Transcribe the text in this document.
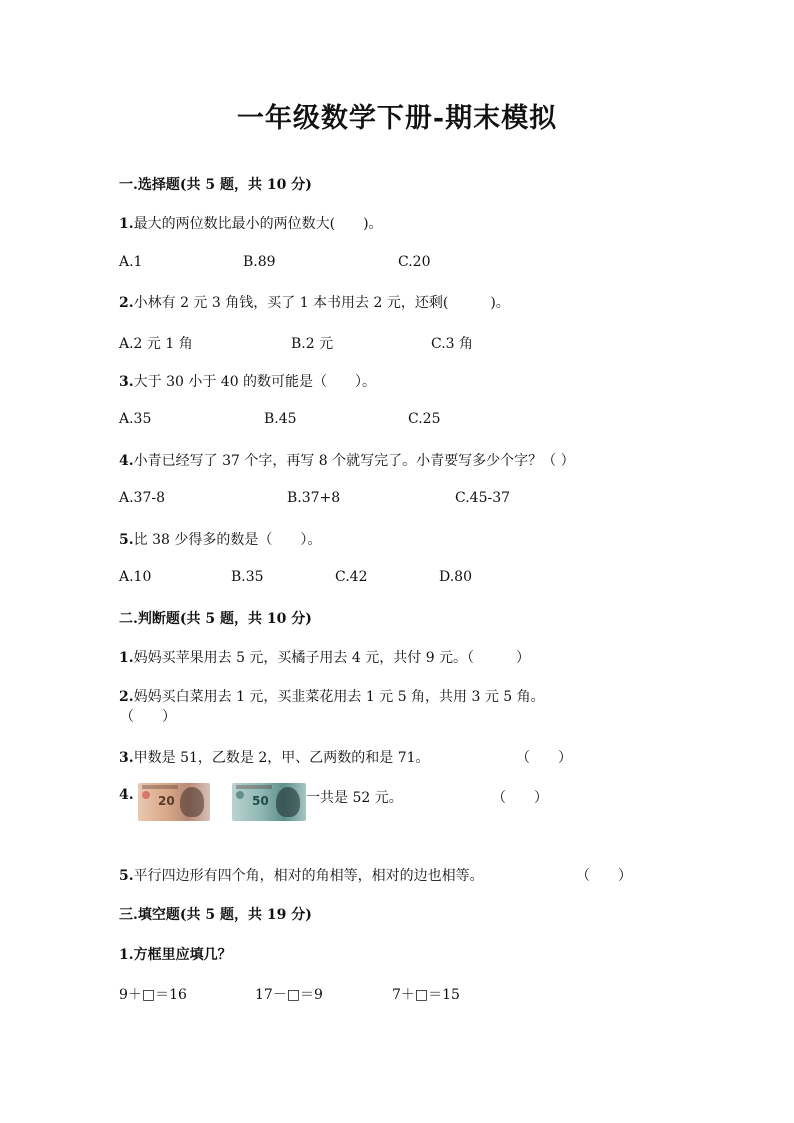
一年级数学下册-期末模拟
一.选择题(共 5 题，共 10 分)
1.最大的两位数比最小的两位数大(　　)。
A.1	B.89	C.20
2.小林有 2 元 3 角钱，买了 1 本书用去 2 元，还剩(　　　)。
A.2 元 1 角	B.2 元	C.3 角
3.大于 30 小于 40 的数可能是（　　）。
A.35	B.45	C.25
4.小青已经写了 37 个字，再写 8 个就写完了。小青要写多少个字？（ ）
A.37-8	B.37+8	C.45-37
5.比 38 少得多的数是（　　）。
A.10	B.35	C.42	D.80
二.判断题(共 5 题，共 10 分)
1.妈妈买苹果用去 5 元，买橘子用去 4 元，共付 9 元。（　　　）
2.妈妈买白菜用去 1 元，买韭菜花用去 1 元 5 角，共用 3 元 5 角。
（　　）
3.甲数是 51，乙数是 2，甲、乙两数的和是 71。	（　　）
4. 20	50	一共是 52 元。	（　　）
5.平行四边形有四个角，相对的角相等，相对的边也相等。	（　　）
三.填空题(共 5 题，共 19 分)
1.方框里应填几？
9＋□＝16	17－□＝9	7＋□＝15
